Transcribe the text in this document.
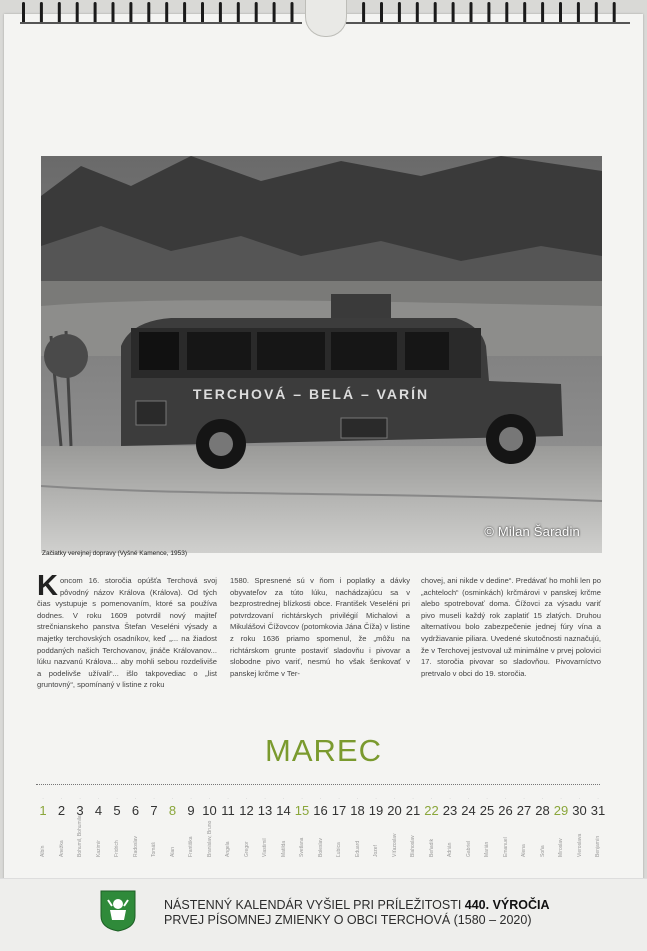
TERCHOVÁ – BELÁ – VARÍN
© Milan Šaradin
Začiatky verejnej dopravy (Vyšné Kamence, 1953)
Koncom 16. storočia opúšťa Terchová svoj pôvodný názov Králova (Králova). Od tých čias vystupuje s pomenovaním, ktoré sa používa dodnes. V roku 1609 potvrdil nový majiteľ strečnianskeho panstva Štefan Veseléni výsady a majetky terchovských osadníkov, keď „... na žiadost poddaných našich Terchovanov, jináče Královanov... lúku nazvanú Králova... aby mohli sebou rozdeliviše a podelivše užívali“... išlo takpovediac o „list gruntovný“, spomínaný v listine z roku
1580. Spresnené sú v ňom i poplatky a dávky obyvateľov za túto lúku, nachádzajúcu sa v bezprostrednej blízkosti obce. František Veseléni pri potvrdzovaní richtárskych privilégií Michalovi a Mikulášovi Čížovcov (potomkovia Jána Číža) v listine z roku 1636 priamo spomenul, že „môžu na richtárskom grunte postaviť sladovňu i pivovar a slobodne pivo variť, nesmú ho však šenkovať v panskej krčme v Ter-
chovej, ani nikde v dedine“. Predávať ho mohli len po „achteloch“ (osminkách) krčmárovi v panskej krčme alebo spotrebovať doma. Čížovci za výsadu variť pivo museli každý rok zaplatiť 15 zlatých. Druhou alternatívou bolo zabezpečenie jednej fúry vína a vydržiavanie piliara. Uvedené skutočnosti naznačujú, že v Terchovej jestvoval už minimálne v prvej polovici 17. storočia pivovar so sladovňou. Pivovarníctvo pretrvalo v obci do 19. storočia.
MAREC
·
1
Albín
·
2
Anežka
·
3
Bohumil, Bohumila
·
4
Kazimír
·
5
Fridrich
·
6
Radoslav
·
7
Tomáš
·
8
Alan
·
9
Františka
·
10
Branislav, Bruno
·
11
Angela
·
12
Gregor
·
13
Vlastimil
·
14
Matilda
·
15
Svetlana
·
16
Boleslav
·
17
Ľubica
·
18
Eduard
·
19
Jozef
·
20
Víťazoslav
·
21
Blahoslav
·
22
Beňadik
·
23
Adrián
·
24
Gabriel
·
25
Marián
·
26
Emanuel
·
27
Alena
·
28
Soňa
·
29
Miroslav
·
30
Vieroslava
·
31
Benjamín
NÁSTENNÝ KALENDÁR VYŠIEL PRI PRÍLEŽITOSTI 440. VÝROČIA
PRVEJ PÍSOMNEJ ZMIENKY O OBCI TERCHOVÁ (1580 – 2020)
